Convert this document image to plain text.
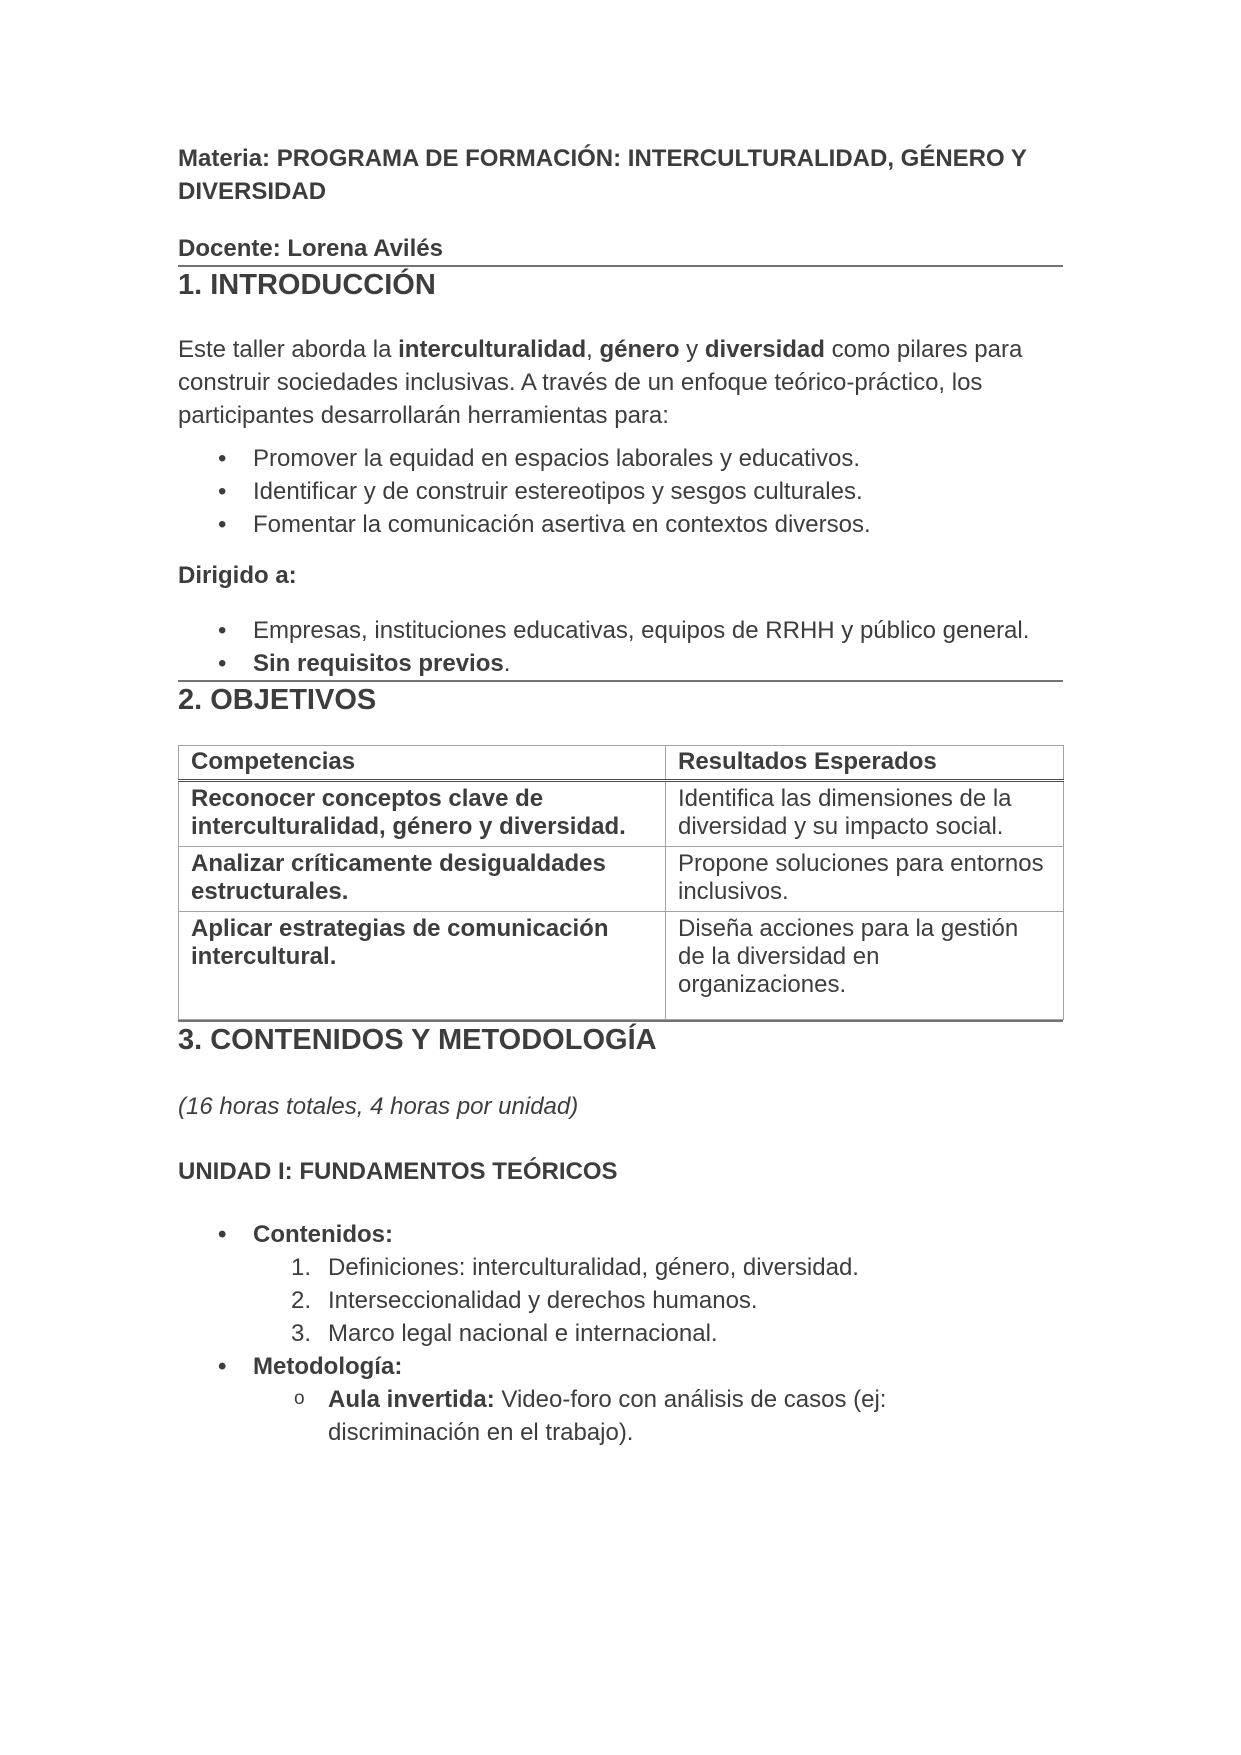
Materia: PROGRAMA DE FORMACIÓN: INTERCULTURALIDAD, GÉNERO Y DIVERSIDAD

Docente: Lorena Avilés

1. INTRODUCCIÓN

Este taller aborda la interculturalidad, género y diversidad como pilares para construir sociedades inclusivas. A través de un enfoque teórico-práctico, los participantes desarrollarán herramientas para:

• Promover la equidad en espacios laborales y educativos.
• Identificar y de construir estereotipos y sesgos culturales.
• Fomentar la comunicación asertiva en contextos diversos.

Dirigido a:

• Empresas, instituciones educativas, equipos de RRHH y público general.
• Sin requisitos previos.
2. OBJETIVOS
Competencias	Resultados Esperados
Reconocer conceptos clave de interculturalidad, género y diversidad.	Identifica las dimensiones de la diversidad y su impacto social.
Analizar críticamente desigualdades estructurales.	Propone soluciones para entornos inclusivos.
Aplicar estrategias de comunicación intercultural.	Diseña acciones para la gestión de la diversidad en organizaciones.
3. CONTENIDOS Y METODOLOGÍA

(16 horas totales, 4 horas por unidad)

UNIDAD I: FUNDAMENTOS TEÓRICOS

• Contenidos:
1. Definiciones: interculturalidad, género, diversidad.
2. Interseccionalidad y derechos humanos.
3. Marco legal nacional e internacional.
• Metodología:
o Aula invertida: Video-foro con análisis de casos (ej: discriminación en el trabajo).
